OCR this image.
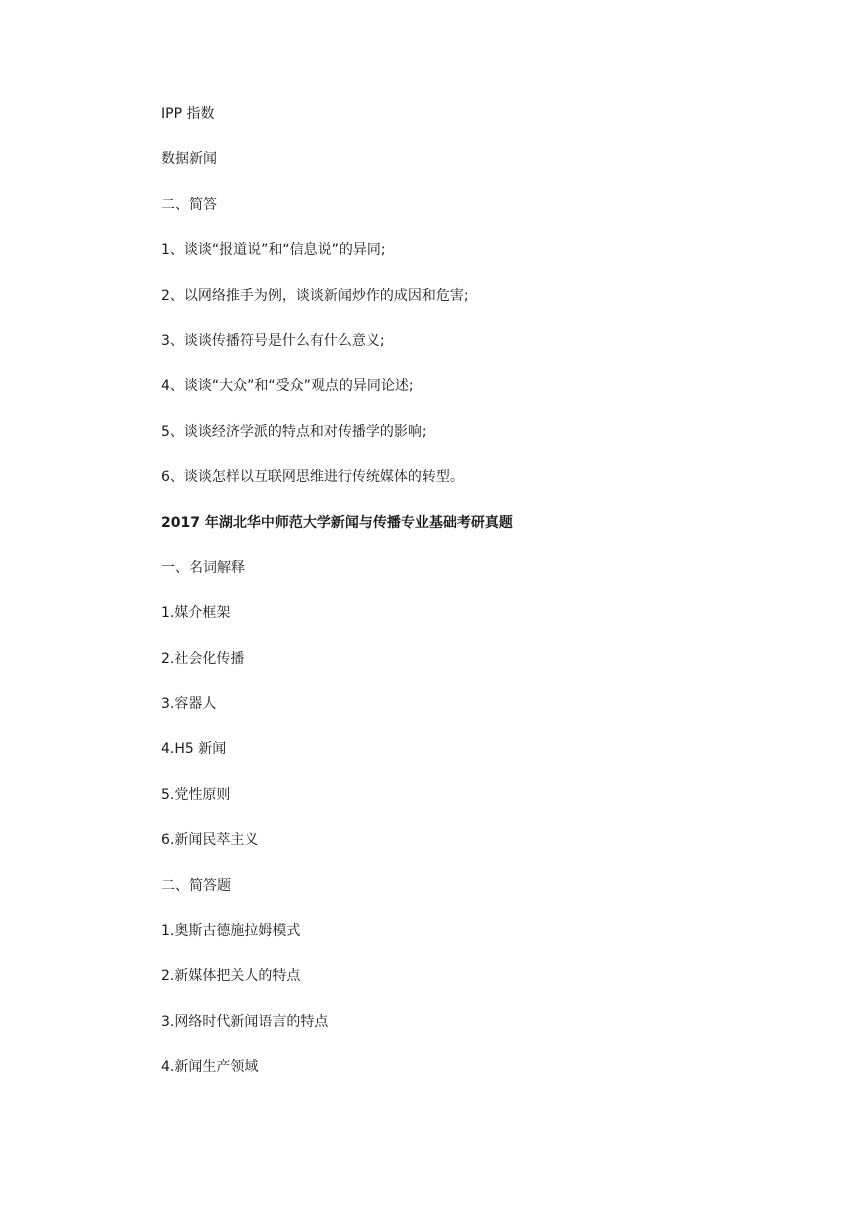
IPP 指数
数据新闻
二、简答
1、谈谈“报道说”和“信息说”的异同;
2、以网络推手为例，谈谈新闻炒作的成因和危害;
3、谈谈传播符号是什么有什么意义;
4、谈谈“大众”和“受众”观点的异同论述;
5、谈谈经济学派的特点和对传播学的影响;
6、谈谈怎样以互联网思维进行传统媒体的转型。
2017 年湖北华中师范大学新闻与传播专业基础考研真题
一、名词解释
1.媒介框架
2.社会化传播
3.容器人
4.H5 新闻
5.党性原则
6.新闻民萃主义
二、简答题
1.奥斯古德施拉姆模式
2.新媒体把关人的特点
3.网络时代新闻语言的特点
4.新闻生产领域
